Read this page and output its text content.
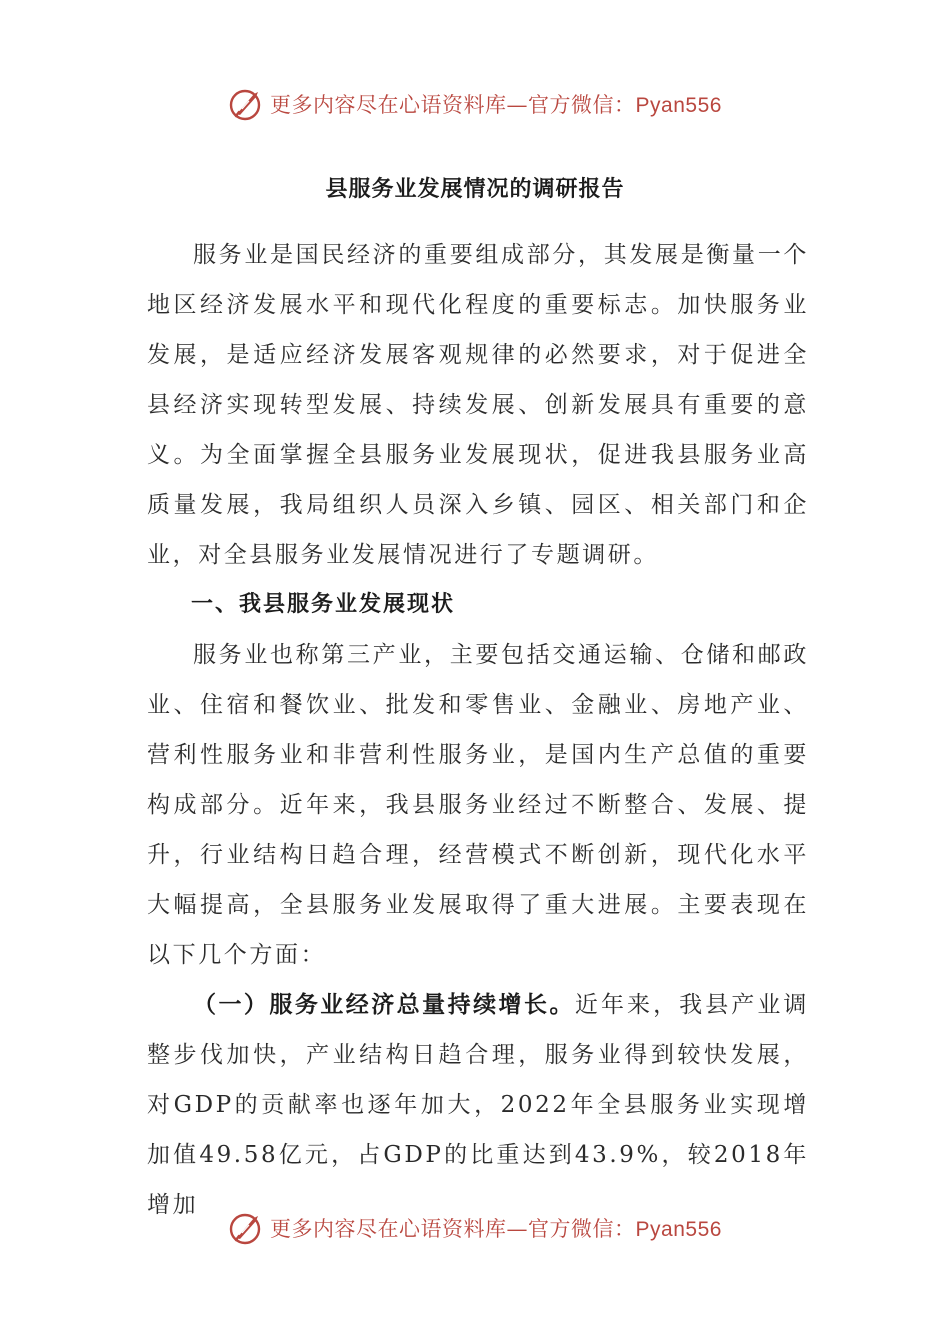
更多内容尽在心语资料库—官方微信：Pyan556
县服务业发展情况的调研报告

服务业是国民经济的重要组成部分，其发展是衡量一个地区经济发展水平和现代化程度的重要标志。加快服务业发展，是适应经济发展客观规律的必然要求，对于促进全县经济实现转型发展、持续发展、创新发展具有重要的意义。为全面掌握全县服务业发展现状，促进我县服务业高质量发展，我局组织人员深入乡镇、园区、相关部门和企业，对全县服务业发展情况进行了专题调研。

一、我县服务业发展现状

服务业也称第三产业，主要包括交通运输、仓储和邮政业、住宿和餐饮业、批发和零售业、金融业、房地产业、营利性服务业和非营利性服务业，是国内生产总值的重要构成部分。近年来，我县服务业经过不断整合、发展、提升，行业结构日趋合理，经营模式不断创新，现代化水平大幅提高，全县服务业发展取得了重大进展。主要表现在以下几个方面：

（一）服务业经济总量持续增长。近年来，我县产业调整步伐加快，产业结构日趋合理，服务业得到较快发展，对GDP的贡献率也逐年加大，2022年全县服务业实现增加值49.58亿元，占GDP的比重达到43.9%，较2018年增加

更多内容尽在心语资料库—官方微信：Pyan556
